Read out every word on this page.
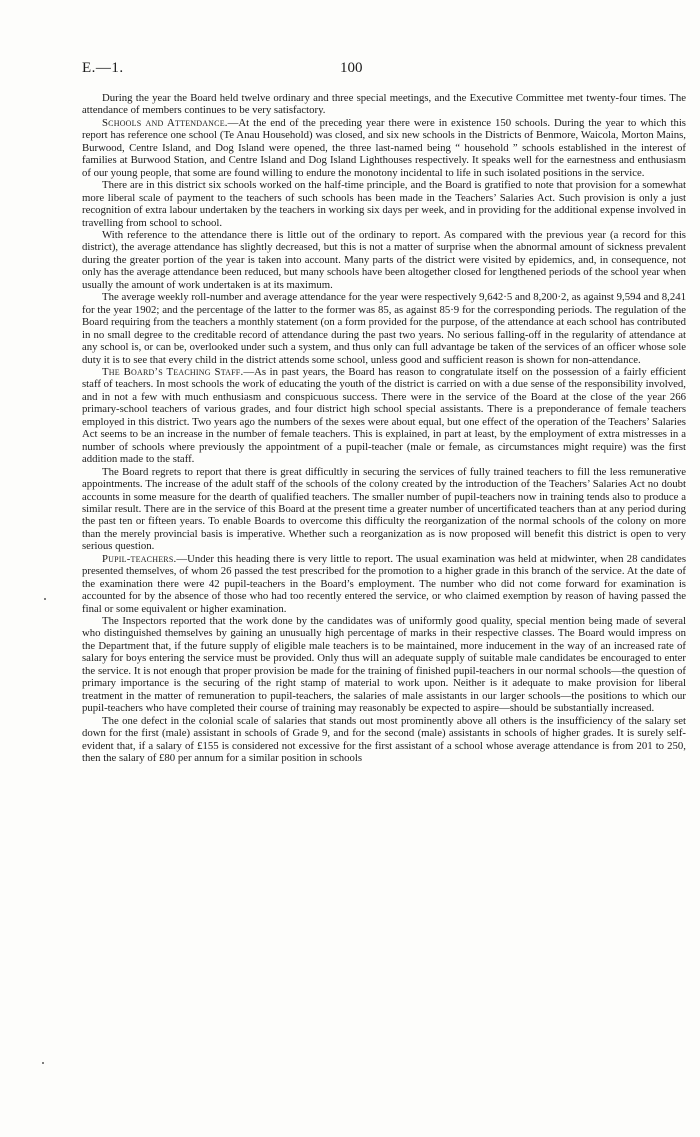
E.—1.	100

During the year the Board held twelve ordinary and three special meetings, and the Executive Committee met twenty-four times. The attendance of members continues to be very satisfactory.

Schools and Attendance.—At the end of the preceding year there were in existence 150 schools. During the year to which this report has reference one school (Te Anau Household) was closed, and six new schools in the Districts of Benmore, Waicola, Morton Mains, Burwood, Centre Island, and Dog Island were opened, the three last-named being “ household ” schools established in the interest of families at Burwood Station, and Centre Island and Dog Island Lighthouses respectively. It speaks well for the earnestness and enthusiasm of our young people, that some are found willing to endure the monotony incidental to life in such isolated positions in the service.

There are in this district six schools worked on the half-time principle, and the Board is gratified to note that provision for a somewhat more liberal scale of payment to the teachers of such schools has been made in the Teachers’ Salaries Act. Such provision is only a just recognition of extra labour undertaken by the teachers in working six days per week, and in providing for the additional expense involved in travelling from school to school.

With reference to the attendance there is little out of the ordinary to report. As compared with the previous year (a record for this district), the average attendance has slightly decreased, but this is not a matter of surprise when the abnormal amount of sickness prevalent during the greater portion of the year is taken into account. Many parts of the district were visited by epidemics, and, in consequence, not only has the average attendance been reduced, but many schools have been altogether closed for lengthened periods of the school year when usually the amount of work undertaken is at its maximum.

The average weekly roll-number and average attendance for the year were respectively 9,642·5 and 8,200·2, as against 9,594 and 8,241 for the year 1902; and the percentage of the latter to the former was 85, as against 85·9 for the corresponding periods. The regulation of the Board requiring from the teachers a monthly statement (on a form provided for the purpose, of the attendance at each school has contributed in no small degree to the creditable record of attendance during the past two years. No serious falling-off in the regularity of attendance at any school is, or can be, overlooked under such a system, and thus only can full advantage be taken of the services of an officer whose sole duty it is to see that every child in the district attends some school, unless good and sufficient reason is shown for non-attendance.

The Board’s Teaching Staff.—As in past years, the Board has reason to congratulate itself on the possession of a fairly efficient staff of teachers. In most schools the work of educating the youth of the district is carried on with a due sense of the responsibility involved, and in not a few with much enthusiasm and conspicuous success. There were in the service of the Board at the close of the year 266 primary-school teachers of various grades, and four district high school special assistants. There is a preponderance of female teachers employed in this district. Two years ago the numbers of the sexes were about equal, but one effect of the operation of the Teachers’ Salaries Act seems to be an increase in the number of female teachers. This is explained, in part at least, by the employment of extra mistresses in a number of schools where previously the appointment of a pupil-teacher (male or female, as circumstances might require) was the first addition made to the staff.

The Board regrets to report that there is great difficultly in securing the services of fully trained teachers to fill the less remunerative appointments. The increase of the adult staff of the schools of the colony created by the introduction of the Teachers’ Salaries Act no doubt accounts in some measure for the dearth of qualified teachers. The smaller number of pupil-teachers now in training tends also to produce a similar result. There are in the service of this Board at the present time a greater number of uncertificated teachers than at any period during the past ten or fifteen years. To enable Boards to overcome this difficulty the reorganization of the normal schools of the colony on more than the merely provincial basis is imperative. Whether such a reorganization as is now proposed will benefit this district is open to very serious question.

Pupil-teachers.—Under this heading there is very little to report. The usual examination was held at midwinter, when 28 candidates presented themselves, of whom 26 passed the test prescribed for the promotion to a higher grade in this branch of the service. At the date of the examination there were 42 pupil-teachers in the Board’s employment. The number who did not come forward for examination is accounted for by the absence of those who had too recently entered the service, or who claimed exemption by reason of having passed the final or some equivalent or higher examination.

The Inspectors reported that the work done by the candidates was of uniformly good quality, special mention being made of several who distinguished themselves by gaining an unusually high percentage of marks in their respective classes. The Board would impress on the Department that, if the future supply of eligible male teachers is to be maintained, more inducement in the way of an increased rate of salary for boys entering the service must be provided. Only thus will an adequate supply of suitable male candidates be encouraged to enter the service. It is not enough that proper provision be made for the training of finished pupil-teachers in our normal schools—the question of primary importance is the securing of the right stamp of material to work upon. Neither is it adequate to make provision for liberal treatment in the matter of remuneration to pupil-teachers, the salaries of male assistants in our larger schools—the positions to which our pupil-teachers who have completed their course of training may reasonably be expected to aspire—should be substantially increased.

The one defect in the colonial scale of salaries that stands out most prominently above all others is the insufficiency of the salary set down for the first (male) assistant in schools of Grade 9, and for the second (male) assistants in schools of higher grades. It is surely self-evident that, if a salary of £155 is considered not excessive for the first assistant of a school whose average attendance is from 201 to 250, then the salary of £80 per annum for a similar position in schools
